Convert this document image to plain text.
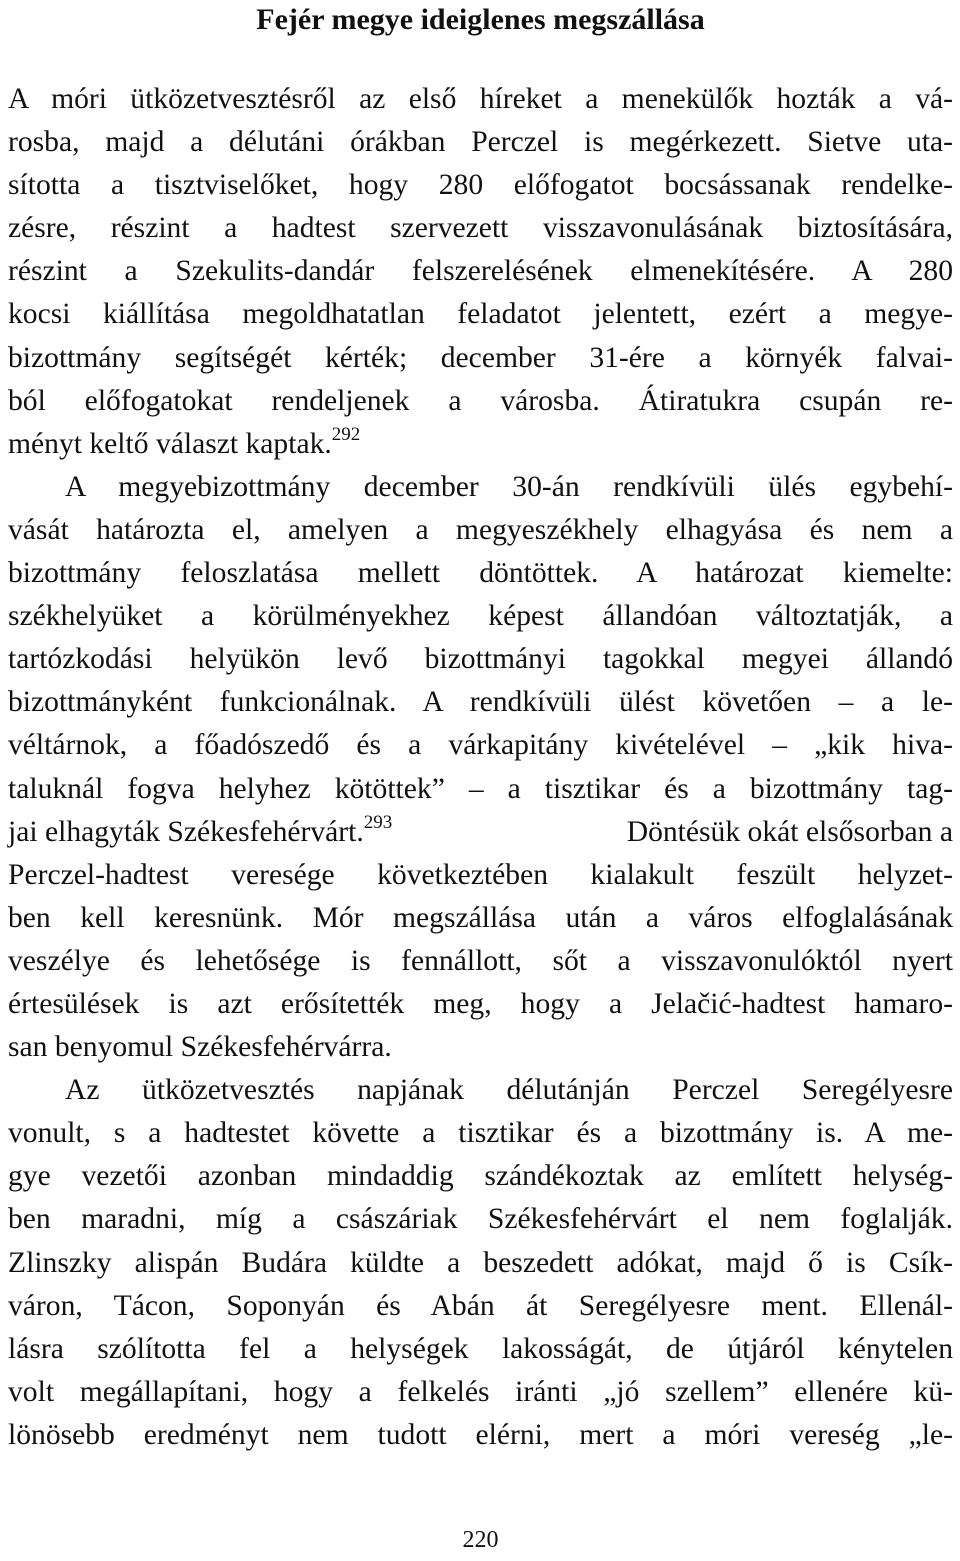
Fejér megye ideiglenes megszállása
A móri ütközetvesztésről az első híreket a menekülők hozták a vá-
rosba, majd a délutáni órákban Perczel is megérkezett. Sietve uta-
sította a tisztviselőket, hogy 280 előfogatot bocsássanak rendelke-
zésre, részint a hadtest szervezett visszavonulásának biztosítására,
részint a Szekulits-dandár felszerelésének elmenekítésére. A 280
kocsi kiállítása megoldhatatlan feladatot jelentett, ezért a megye-
bizottmány segítségét kérték; december 31-ére a környék falvai-
ból előfogatokat rendeljenek a városba. Átiratukra csupán re-
ményt keltő választ kaptak.$^{292}$
A megyebizottmány december 30-án rendkívüli ülés egybehí-
vását határozta el, amelyen a megyeszékhely elhagyása és nem a
bizottmány feloszlatása mellett döntöttek. A határozat kiemelte:
székhelyüket a körülményekhez képest állandóan változtatják, a
tartózkodási helyükön levő bizottmányi tagokkal megyei állandó
bizottmányként funkcionálnak. A rendkívüli ülést követően – a le-
véltárnok, a főadószedő és a várkapitány kivételével – „kik hiva-
taluknál fogva helyhez kötöttek” – a tisztikar és a bizottmány tag-
jai elhagyták Székesfehérvárt.$^{293}$	Döntésük okát elsősorban a
Perczel-hadtest veresége következtében kialakult feszült helyzet-
ben kell keresnünk. Mór megszállása után a város elfoglalásának
veszélye és lehetősége is fennállott, sőt a visszavonulóktól nyert
értesülések is azt erősítették meg, hogy a Jelačić-hadtest hamaro-
san benyomul Székesfehérvárra.
Az ütközetvesztés napjának délutánján Perczel Seregélyesre
vonult, s a hadtestet követte a tisztikar és a bizottmány is. A me-
gye vezetői azonban mindaddig szándékoztak az említett helység-
ben maradni, míg a császáriak Székesfehérvárt el nem foglalják.
Zlinszky alispán Budára küldte a beszedett adókat, majd ő is Csík-
váron, Tácon, Soponyán és Abán át Seregélyesre ment. Ellenál-
lásra szólította fel a helységek lakosságát, de útjáról kénytelen
volt megállapítani, hogy a felkelés iránti „jó szellem” ellenére kü-
lönösebb eredményt nem tudott elérni, mert a móri vereség „le-
220
